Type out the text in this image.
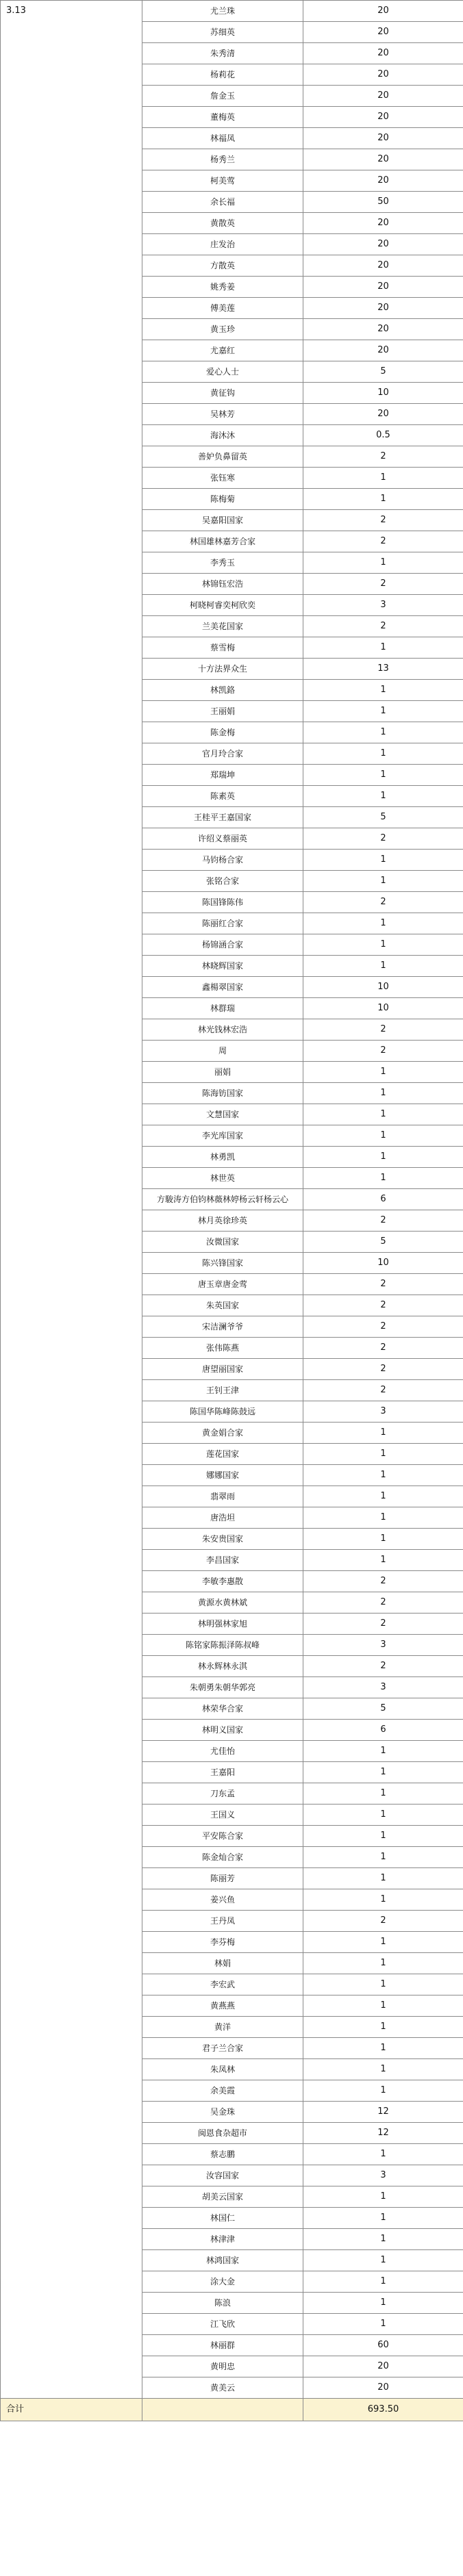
3.13	尤兰珠	20
	苏细英	20
	朱秀清	20
	杨莉花	20
	詹金玉	20
	董梅英	20
	林福凤	20
	杨秀兰	20
	柯美莺	20
	余长福	50
	黄散英	20
	庄发治	20
	方散英	20
	姚秀姜	20
	傅美莲	20
	黄玉珍	20
	尤嘉红	20
	爱心人士	5
	黄征钩	10
	吴林芳	20
	海沐沐	0.5
	善妒负鼻留英	2
	张钰寒	1
	陈梅菊	1
	吴嘉阳国家	2
	林国雄林嘉芳合家	2
	李秀玉	1
	林锦钰宏浩	2
	柯晓柯睿奕柯欣奕	3
	兰美花国家	2
	蔡雪梅	1
	十方法界众生	13
	林凯鉻	1
	王丽娟	1
	陈金梅	1
	官月玲合家	1
	郑瑞坤	1
	陈素英	1
	王桂平王嘉国家	5
	许绍义蔡丽英	2
	马钧杨合家	1
	张铭合家	1
	陈国锋陈伟	2
	陈丽红合家	1
	杨锦涵合家	1
	林晓辉国家	1
	鑫楊翠国家	10
	林群瑞	10
	林光钱林宏浩	2
	周	2
	丽娟	1
	陈海钫国家	1
	文慧国家	1
	李光库国家	1
	林勇凯	1
	林世英	1
	方駿涛方伯钧林薇林婷杨云轩杨云心	6
	林月英徐珍英	2
	汝微国家	5
	陈兴锋国家	10
	唐玉章唐金莺	2
	朱英国家	2
	宋洁澜爷爷	2
	张伟陈燕	2
	唐望丽国家	2
	王钊王津	2
	陈国华陈峰陈鼓远	3
	黄金娟合家	1
	莲花国家	1
	娜娜国家	1
	翡翠雨	1
	唐浩坦	1
	朱安贵国家	1
	李昌国家	1
	李敏李惠散	2
	黄源水黄林斌	2
	林明强林家旭	2
	陈铭家陈振泽陈叔峰	3
	林永辉林永淇	2
	朱朝勇朱朝华郭亮	3
	林荣华合家	5
	林明义国家	6
	尤佳怡	1
	王嘉阳	1
	刀东孟	1
	王国义	1
	平安陈合家	1
	陈金灿合家	1
	陈丽芳	1
	姜兴鱼	1
	王丹凤	2
	李芬梅	1
	林娟	1
	李宏武	1
	黄燕燕	1
	黄洋	1
	君子兰合家	1
	朱凤林	1
	余美霞	1
	吴金珠	12
	闽恩食杂超市	12
	蔡志鹏	1
	汝容国家	3
	胡美云国家	1
	林国仁	1
	林津津	1
	林鸿国家	1
	涂大金	1
	陈浪	1
	江飞欣	1
	林丽群	60
	黄明忠	20
	黄美云	20
合计		693.50
